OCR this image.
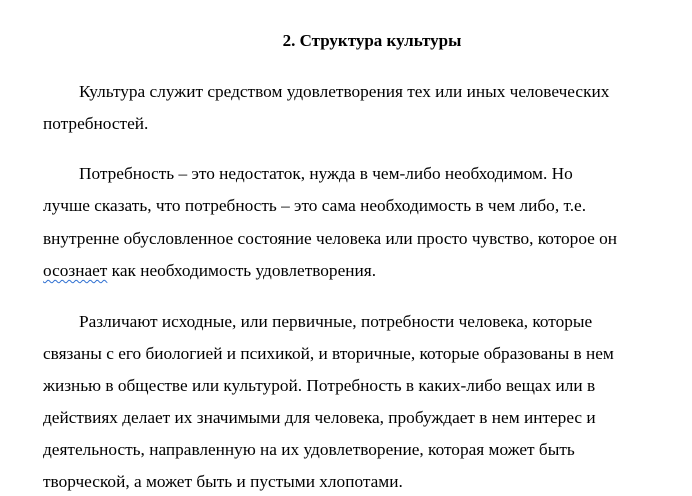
2. Структура культуры
Культура служит средством удовлетворения тех или иных человеческих
потребностей.
Потребность – это недостаток, нужда в чем-либо необходимом. Но
лучше сказать, что потребность – это сама необходимость в чем либо, т.е.
внутренне обусловленное состояние человека или просто чувство, которое он
осознает как необходимость удовлетворения.
Различают исходные, или первичные, потребности человека, которые
связаны с его биологией и психикой, и вторичные, которые образованы в нем
жизнью в обществе или культурой. Потребность в каких-либо вещах или в
действиях делает их значимыми для человека, пробуждает в нем интерес и
деятельность, направленную на их удовлетворение, которая может быть
творческой, а может быть и пустыми хлопотами.
